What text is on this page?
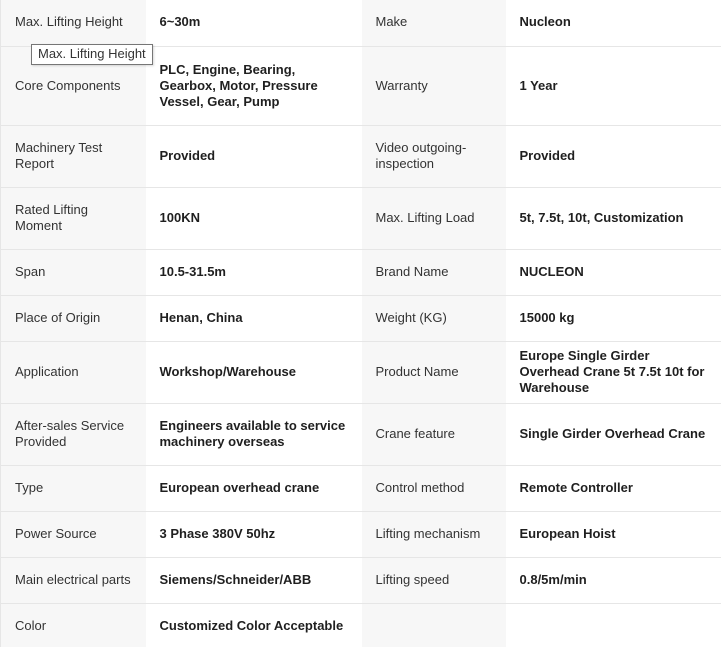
Max. Lifting Height	6~30m	Make	Nucleon
Core Components	PLC, Engine, Bearing, Gearbox, Motor, Pressure Vessel, Gear, Pump	Warranty	1 Year
Machinery Test Report	Provided	Video outgoing-inspection	Provided
Rated Lifting Moment	100KN	Max. Lifting Load	5t, 7.5t, 10t, Customization
Span	10.5-31.5m	Brand Name	NUCLEON
Place of Origin	Henan, China	Weight (KG)	15000 kg
Application	Workshop/Warehouse	Product Name	Europe Single Girder Overhead Crane 5t 7.5t 10t for Warehouse
After-sales Service Provided	Engineers available to service machinery overseas	Crane feature	Single Girder Overhead Crane
Type	European overhead crane	Control method	Remote Controller
Power Source	3 Phase 380V 50hz	Lifting mechanism	European Hoist
Main electrical parts	Siemens/Schneider/ABB	Lifting speed	0.8/5m/min
Color	Customized Color Acceptable		
Max. Lifting Height
